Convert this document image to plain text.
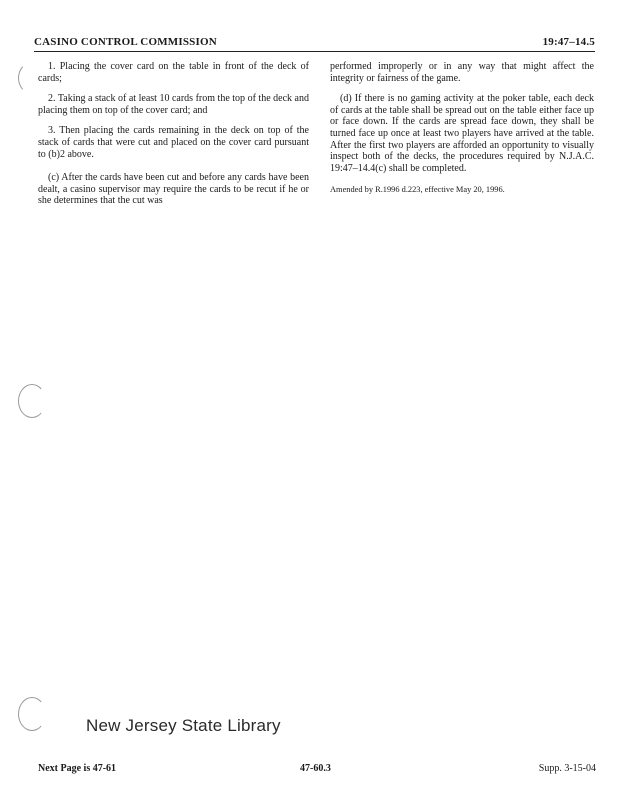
CASINO CONTROL COMMISSION	19:47–14.5

1. Placing the cover card on the table in front of the deck of cards;

2. Taking a stack of at least 10 cards from the top of the deck and placing them on top of the cover card; and

3. Then placing the cards remaining in the deck on top of the stack of cards that were cut and placed on the cover card pursuant to (b)2 above.

(c) After the cards have been cut and before any cards have been dealt, a casino supervisor may require the cards to be recut if he or she determines that the cut was

performed improperly or in any way that might affect the integrity or fairness of the game.

(d) If there is no gaming activity at the poker table, each deck of cards at the table shall be spread out on the table either face up or face down. If the cards are spread face down, they shall be turned face up once at least two players have arrived at the table. After the first two players are afforded an opportunity to visually inspect both of the decks, the procedures required by N.J.A.C. 19:47–14.4(c) shall be completed.

Amended by R.1996 d.223, effective May 20, 1996.

New Jersey State Library
Next Page is 47-61	47-60.3	Supp. 3-15-04
